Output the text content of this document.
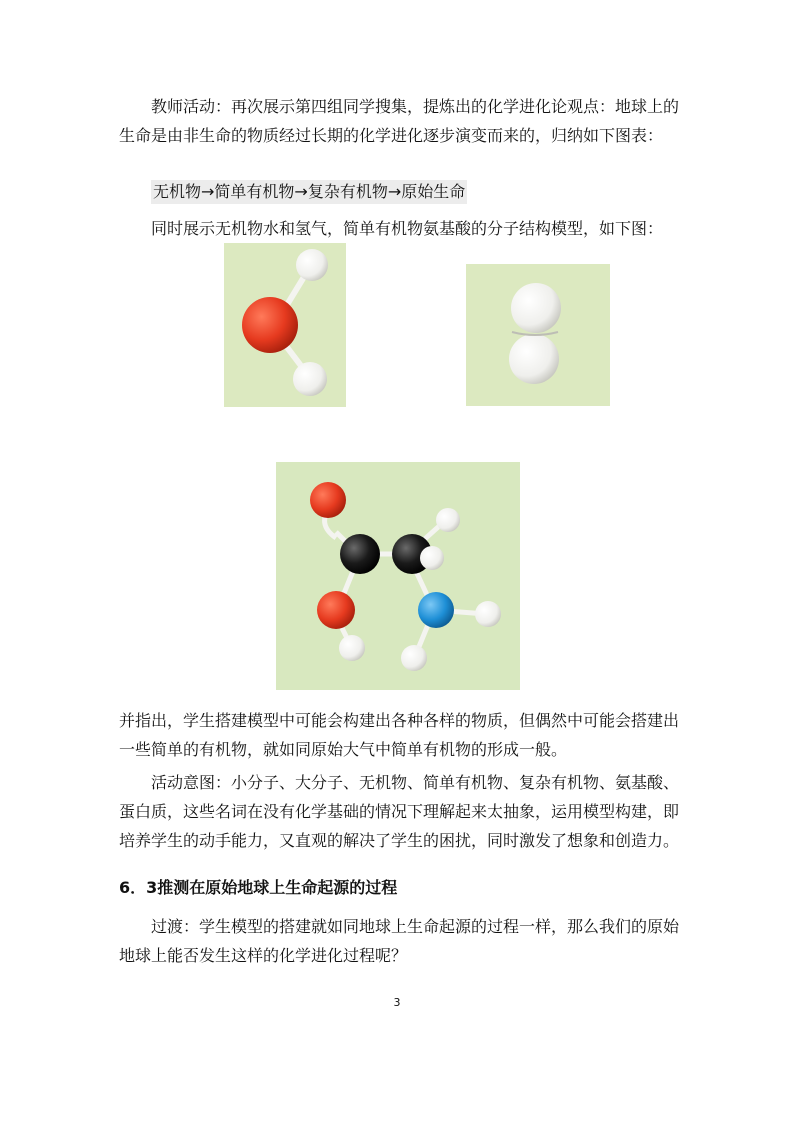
教师活动：再次展示第四组同学搜集，提炼出的化学进化论观点：地球上的生命是由非生命的物质经过长期的化学进化逐步演变而来的，归纳如下图表：

无机物→简单有机物→复杂有机物→原始生命

同时展示无机物水和氢气，简单有机物氨基酸的分子结构模型，如下图：

并指出，学生搭建模型中可能会构建出各种各样的物质，但偶然中可能会搭建出一些简单的有机物，就如同原始大气中简单有机物的形成一般。

活动意图：小分子、大分子、无机物、简单有机物、复杂有机物、氨基酸、蛋白质，这些名词在没有化学基础的情况下理解起来太抽象，运用模型构建，即培养学生的动手能力，又直观的解决了学生的困扰，同时激发了想象和创造力。

6．3推测在原始地球上生命起源的过程

过渡：学生模型的搭建就如同地球上生命起源的过程一样，那么我们的原始地球上能否发生这样的化学进化过程呢？

3
